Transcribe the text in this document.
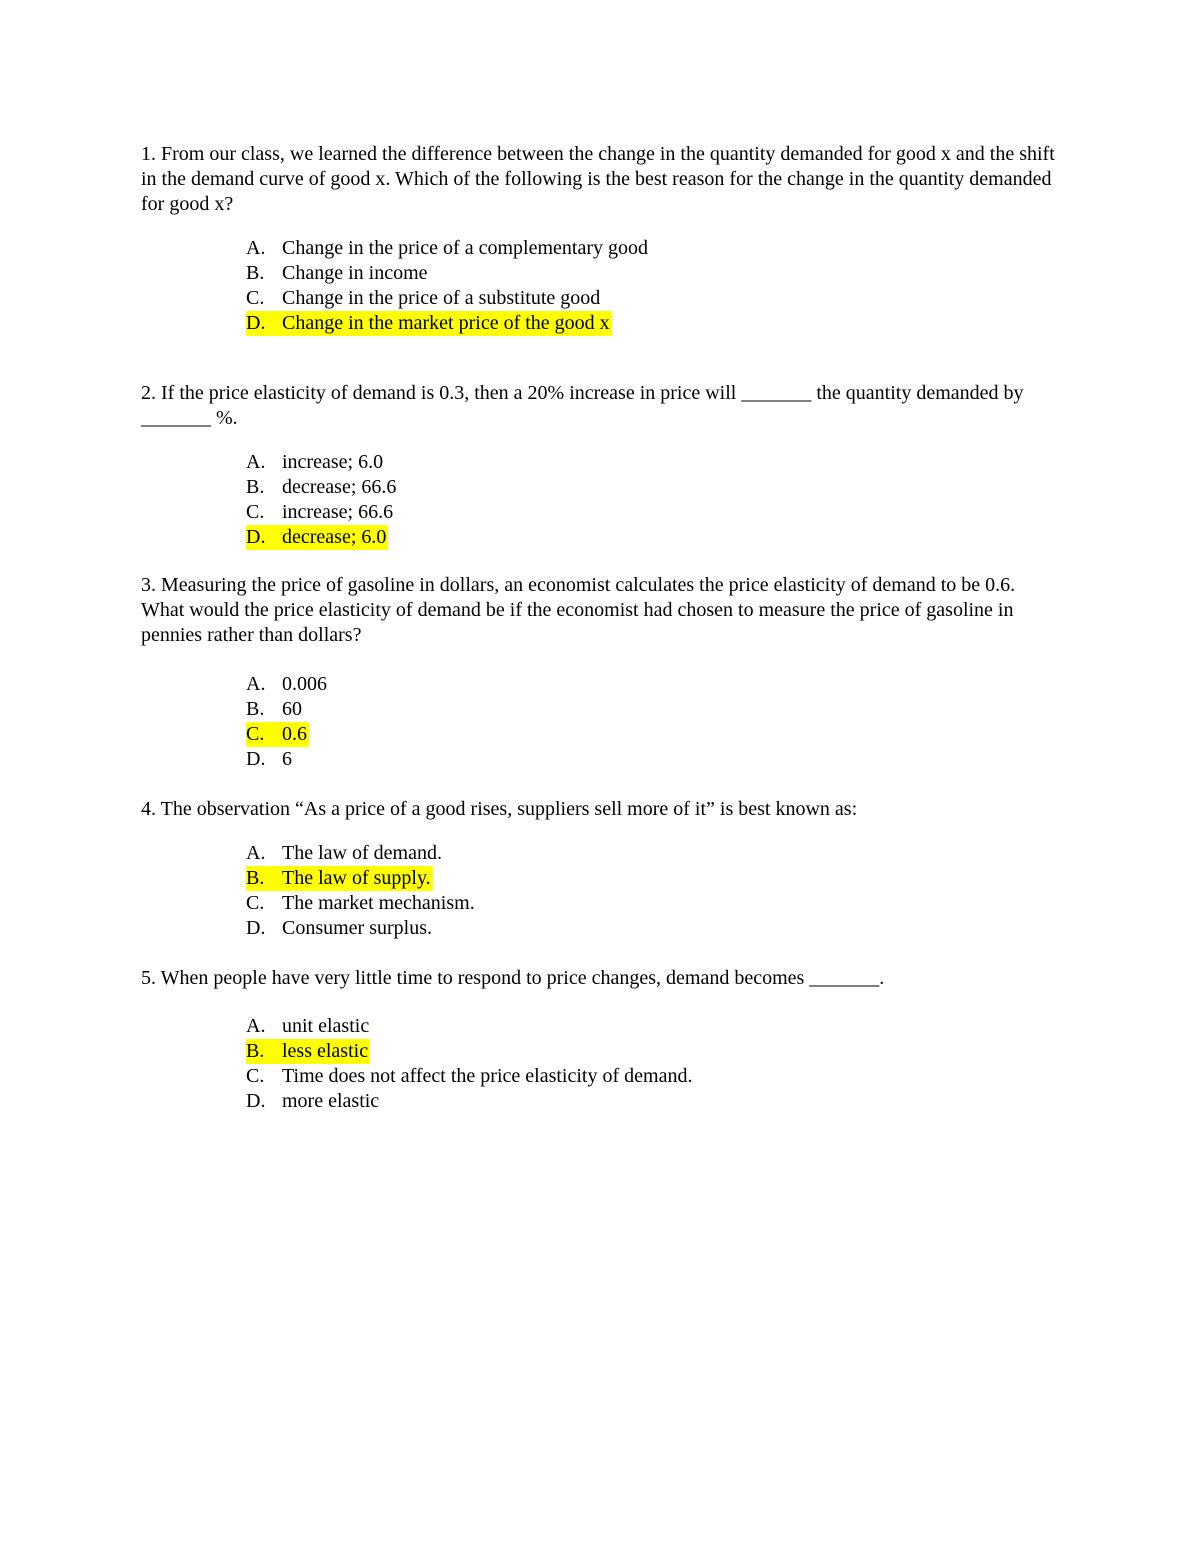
1. From our class, we learned the difference between the change in the quantity demanded for good x and the shift in the demand curve of good x. Which of the following is the best reason for the change in the quantity demanded for good x?

A. Change in the price of a complementary good
B. Change in income
C. Change in the price of a substitute good
D. Change in the market price of the good x

2. If the price elasticity of demand is 0.3, then a 20% increase in price will _______ the quantity demanded by _______ %.

A. increase; 6.0
B. decrease; 66.6
C. increase; 66.6
D. decrease; 6.0

3. Measuring the price of gasoline in dollars, an economist calculates the price elasticity of demand to be 0.6. What would the price elasticity of demand be if the economist had chosen to measure the price of gasoline in pennies rather than dollars?

A. 0.006
B. 60
C. 0.6
D. 6

4. The observation “As a price of a good rises, suppliers sell more of it” is best known as:

A. The law of demand.
B. The law of supply.
C. The market mechanism.
D. Consumer surplus.

5. When people have very little time to respond to price changes, demand becomes _______.

A. unit elastic
B. less elastic
C. Time does not affect the price elasticity of demand.
D. more elastic
